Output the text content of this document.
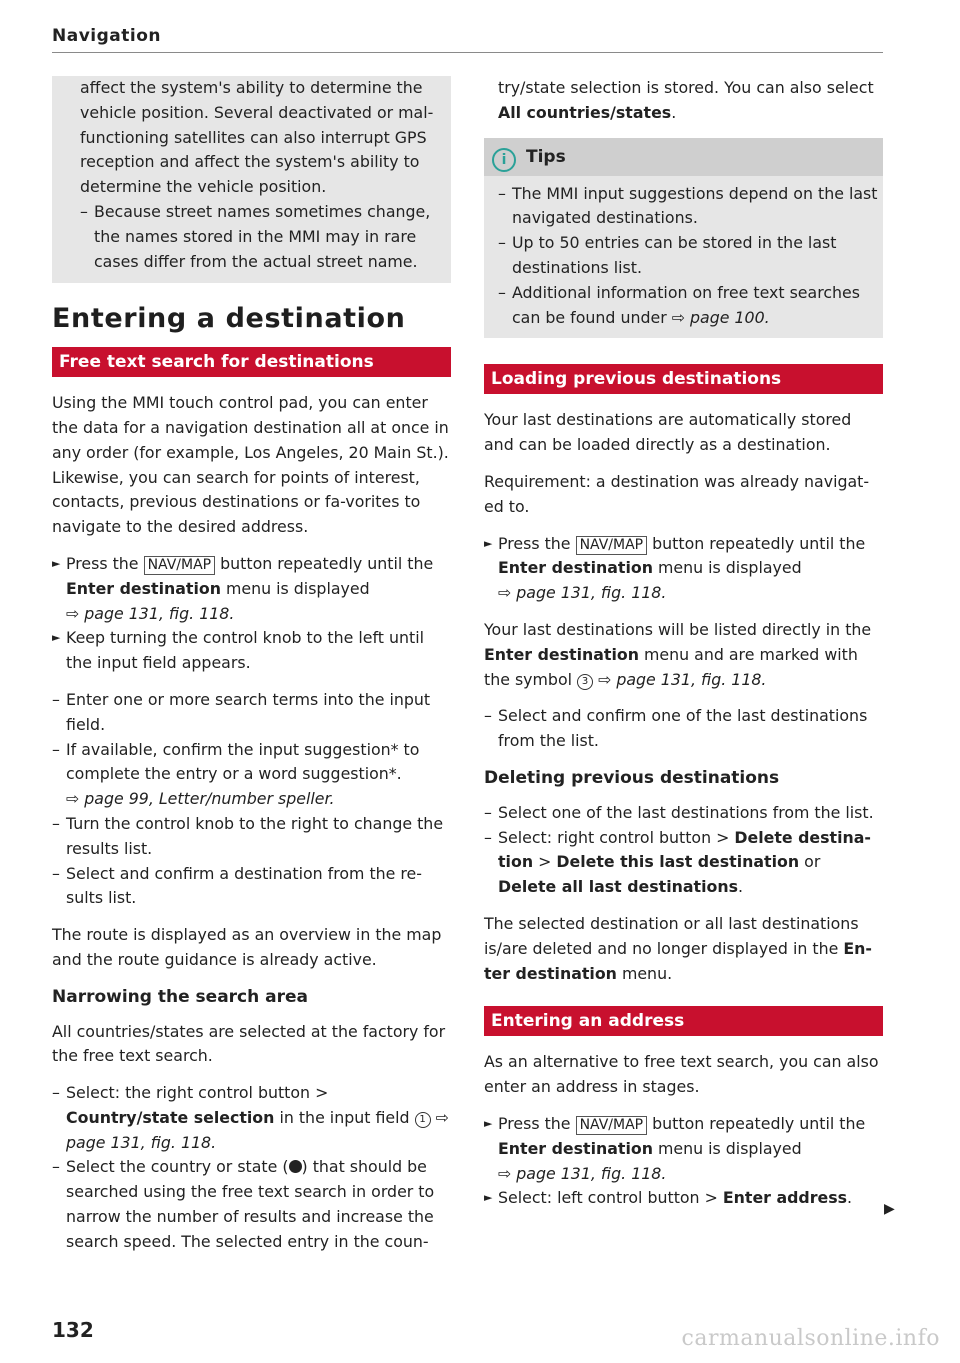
Navigation

affect the system's ability to determine the vehicle position. Several deactivated or mal-functioning satellites can also interrupt GPS reception and affect the system's ability to determine the vehicle position.

– Because street names sometimes change, the names stored in the MMI may in rare cases differ from the actual street name.

Entering a destination
Free text search for destinations

Using the MMI touch control pad, you can enter the data for a navigation destination all at once in any order (for example, Los Angeles, 20 Main St.). Likewise, you can search for points of interest, contacts, previous destinations or fa-vorites to navigate to the desired address.

► Press the NAV/MAP button repeatedly until the Enter destination menu is displayed
⇨ page 131, fig. 118.

► Keep turning the control knob to the left until the input field appears.

– Enter one or more search terms into the input field.

– If available, confirm the input suggestion* to complete the entry or a word suggestion*.
⇨ page 99, Letter/number speller.

– Turn the control knob to the right to change the results list.

– Select and confirm a destination from the re-sults list.

The route is displayed as an overview in the map and the route guidance is already active.

Narrowing the search area

All countries/states are selected at the factory for the free text search.

– Select: the right control button > Country/state selection in the input field 1 ⇨ page 131, fig. 118.

– Select the country or state ( ) that should be searched using the free text search in order to narrow the number of results and increase the search speed. The selected entry in the coun-

try/state selection is stored. You can also select All countries/states.

i Tips

– The MMI input suggestions depend on the last navigated destinations.

– Up to 50 entries can be stored in the last destinations list.

– Additional information on free text searches can be found under ⇨ page 100.

Loading previous destinations

Your last destinations are automatically stored and can be loaded directly as a destination.

Requirement: a destination was already navigat-ed to.

► Press the NAV/MAP button repeatedly until the Enter destination menu is displayed
⇨ page 131, fig. 118.

Your last destinations will be listed directly in the Enter destination menu and are marked with the symbol 3 ⇨ page 131, fig. 118.

– Select and confirm one of the last destinations from the list.

Deleting previous destinations

– Select one of the last destinations from the list.

– Select: right control button > Delete destina-tion > Delete this last destination or Delete all last destinations.

The selected destination or all last destinations is/are deleted and no longer displayed in the En-ter destination menu.

Entering an address

As an alternative to free text search, you can also enter an address in stages.

► Press the NAV/MAP button repeatedly until the Enter destination menu is displayed
⇨ page 131, fig. 118.

► Select: left control button > Enter address.

▶
132	carmanualsonline.info
